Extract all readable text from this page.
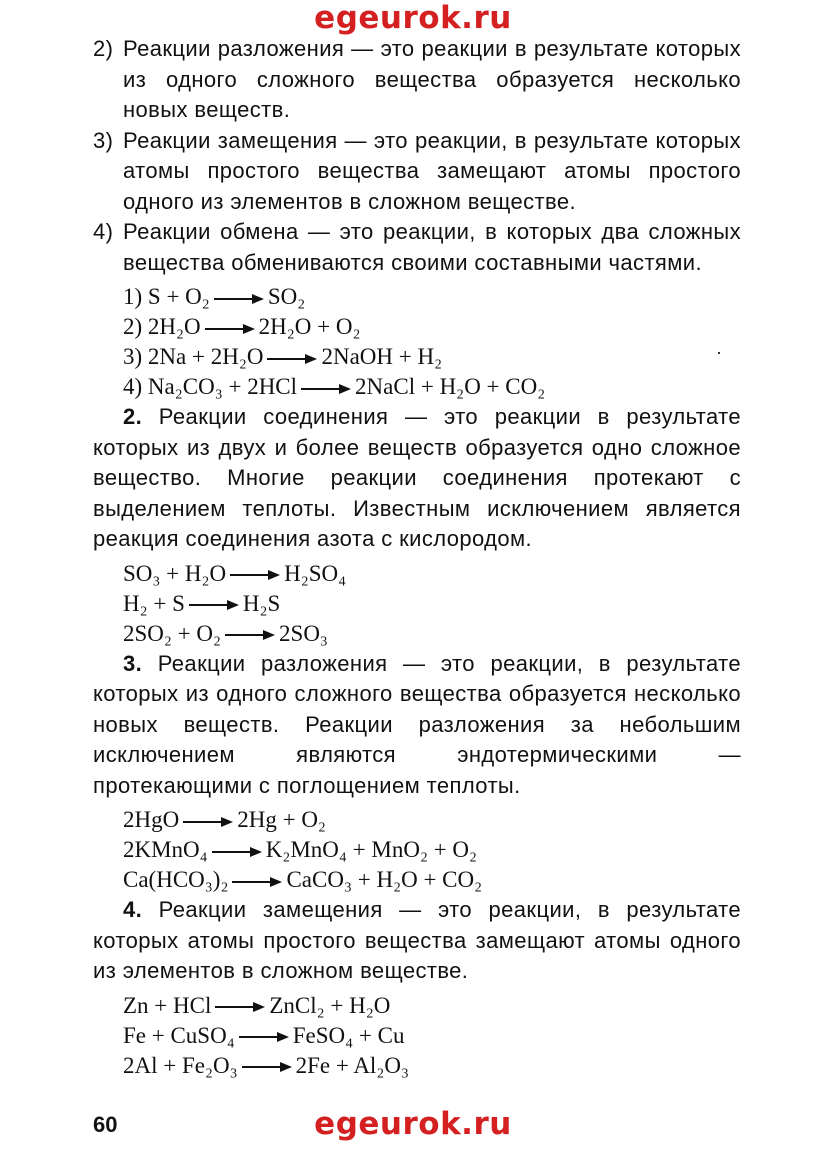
egeurok.ru
2) Реакции разложения — это реакции в результате которых из одного сложного вещества образуется несколько новых веществ.
3) Реакции замещения — это реакции, в результате которых атомы простого вещества замещают атомы простого одного из элементов в сложном веществе.
4) Реакции обмена — это реакции, в которых два сложных вещества обмениваются своими составными частями.
1) S + O₂ → SO₂
2) 2H₂O → 2H₂O + O₂
3) 2Na + 2H₂O → 2NaOH + H₂
4) Na₂CO₃ + 2HCl → 2NaCl + H₂O + CO₂
2. Реакции соединения — это реакции в результате которых из двух и более веществ образуется одно сложное вещество. Многие реакции соединения протекают с выделением теплоты. Известным исключением является реакция соединения азота с кислородом.
SO₃ + H₂O → H₂SO₄
H₂ + S → H₂S
2SO₂ + O₂ → 2SO₃
3. Реакции разложения — это реакции, в результате которых из одного сложного вещества образуется несколько новых веществ. Реакции разложения за небольшим исключением являются эндотермическими — протекающими с поглощением теплоты.
2HgO → 2Hg + O₂
2KMnO₄ → K₂MnO₄ + MnO₂ + O₂
Ca(HCO₃)₂ → CaCO₃ + H₂O + CO₂
4. Реакции замещения — это реакции, в результате которых атомы простого вещества замещают атомы одного из элементов в сложном веществе.
Zn + HCl → ZnCl₂ + H₂O
Fe + CuSO₄ → FeSO₄ + Cu
2Al + Fe₂O₃ → 2Fe + Al₂O₃
60	egeurok.ru
